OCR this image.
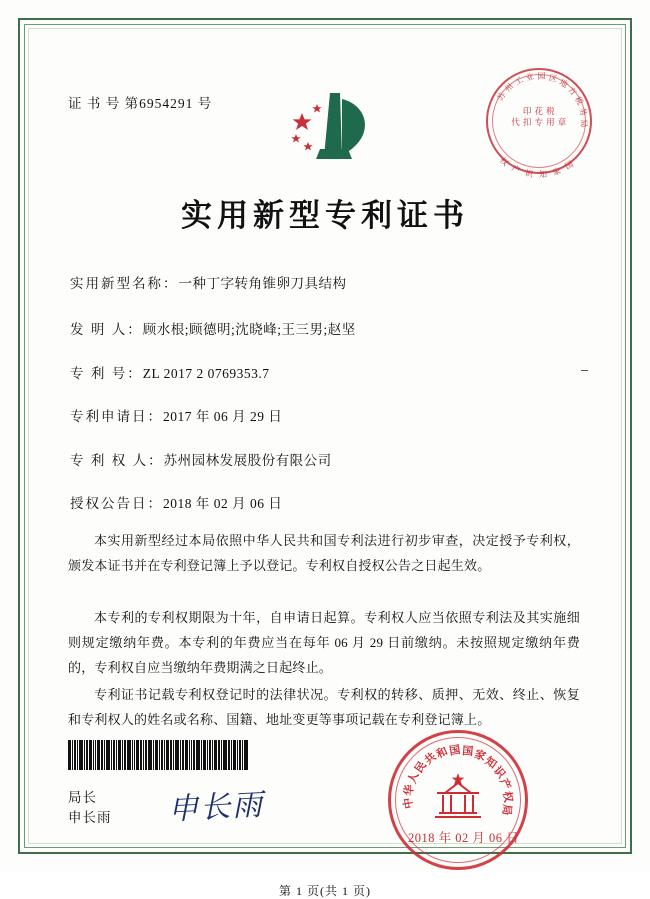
证 书 号 第6954291 号	苏
州
工 业 园 区 地
方
税
务
局
国
家
知
识
产
权
印 花 税
代 扣 专 用 章
实用新型专利证书
实用新型名称：一种丁字转角锥卵刀具结构
发 明 人：顾水根;顾德明;沈晓峰;王三男;赵坚
专 利 号：ZL 2017 2 0769353.7
专利申请日：2017 年 06 月 29 日
专 利 权 人：苏州园林发展股份有限公司
授权公告日：2018 年 02 月 06 日
本实用新型经过本局依照中华人民共和国专利法进行初步审查，决定授予专利权，颁发本证书并在专利登记簿上予以登记。专利权自授权公告之日起生效。
本专利的专利权期限为十年，自申请日起算。专利权人应当依照专利法及其实施细则规定缴纳年费。本专利的年费应当在每年 06 月 29 日前缴纳。未按照规定缴纳年费的，专利权自应当缴纳年费期满之日起终止。
专利证书记载专利权登记时的法律状况。专利权的转移、质押、无效、终止、恢复和专利权人的姓名或名称、国籍、地址变更等事项记载在专利登记簿上。
局长
申长雨 申长雨	中
华
人
民
共
和
国 国
家
知
识
产
权
局
2018 年 02 月 06 日
第 1 页(共 1 页)
